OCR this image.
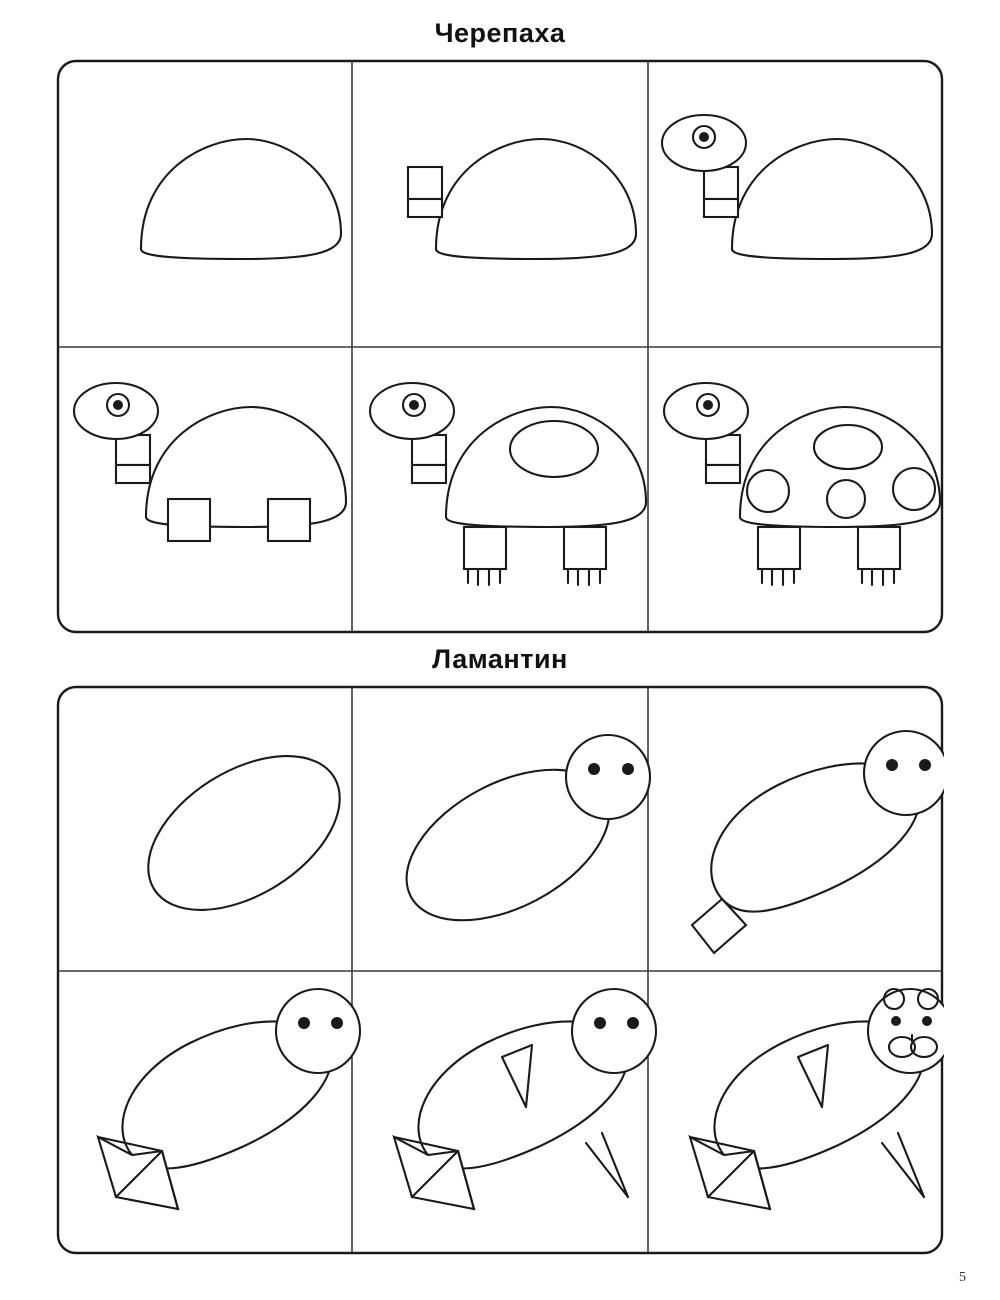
Черепаха
Ламантин
5
